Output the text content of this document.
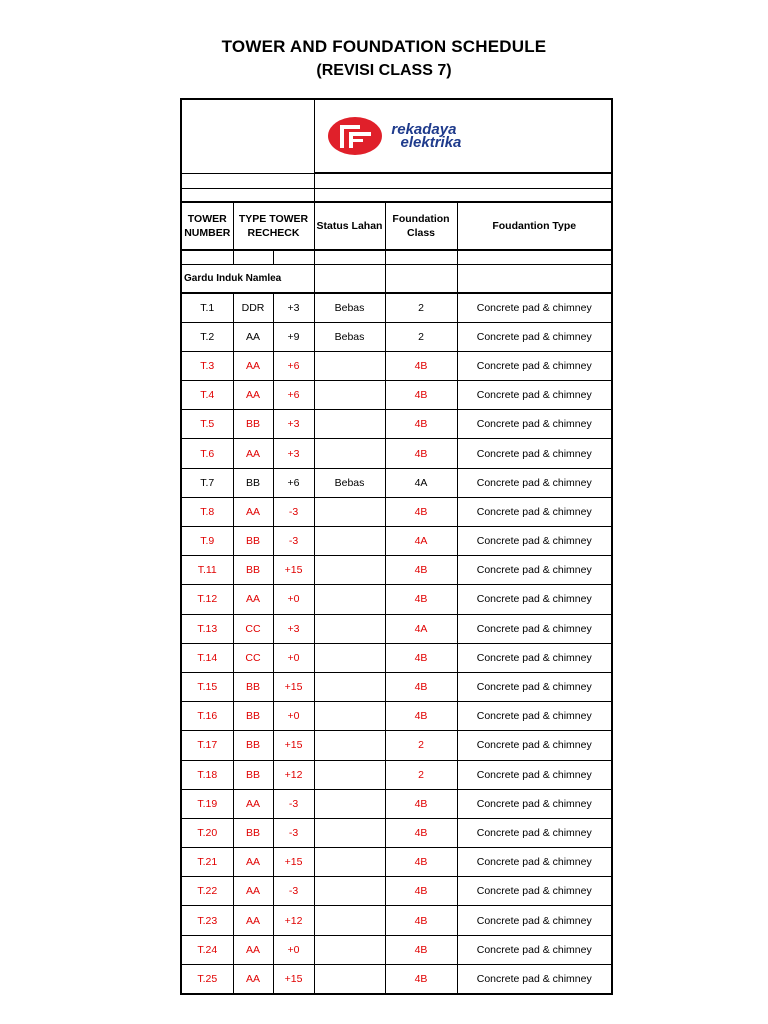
TOWER AND FOUNDATION SCHEDULE
(REVISI CLASS 7)

			rekadaya
elektrika		

TOWER NUMBER	TYPE TOWER RECHECK		Status Lahan	Foundation Class	Foudantion Type

Gardu Induk Namlea					
T.1	DDR	+3	Bebas	2	Concrete pad & chimney
T.2	AA	+9	Bebas	2	Concrete pad & chimney
T.3	AA	+6		4B	Concrete pad & chimney
T.4	AA	+6		4B	Concrete pad & chimney
T.5	BB	+3		4B	Concrete pad & chimney
T.6	AA	+3		4B	Concrete pad & chimney
T.7	BB	+6	Bebas	4A	Concrete pad & chimney
T.8	AA	-3		4B	Concrete pad & chimney
T.9	BB	-3		4A	Concrete pad & chimney
T.11	BB	+15		4B	Concrete pad & chimney
T.12	AA	+0		4B	Concrete pad & chimney
T.13	CC	+3		4A	Concrete pad & chimney
T.14	CC	+0		4B	Concrete pad & chimney
T.15	BB	+15		4B	Concrete pad & chimney
T.16	BB	+0		4B	Concrete pad & chimney
T.17	BB	+15		2	Concrete pad & chimney
T.18	BB	+12		2	Concrete pad & chimney
T.19	AA	-3		4B	Concrete pad & chimney
T.20	BB	-3		4B	Concrete pad & chimney
T.21	AA	+15		4B	Concrete pad & chimney
T.22	AA	-3		4B	Concrete pad & chimney
T.23	AA	+12		4B	Concrete pad & chimney
T.24	AA	+0		4B	Concrete pad & chimney
T.25	AA	+15		4B	Concrete pad & chimney
